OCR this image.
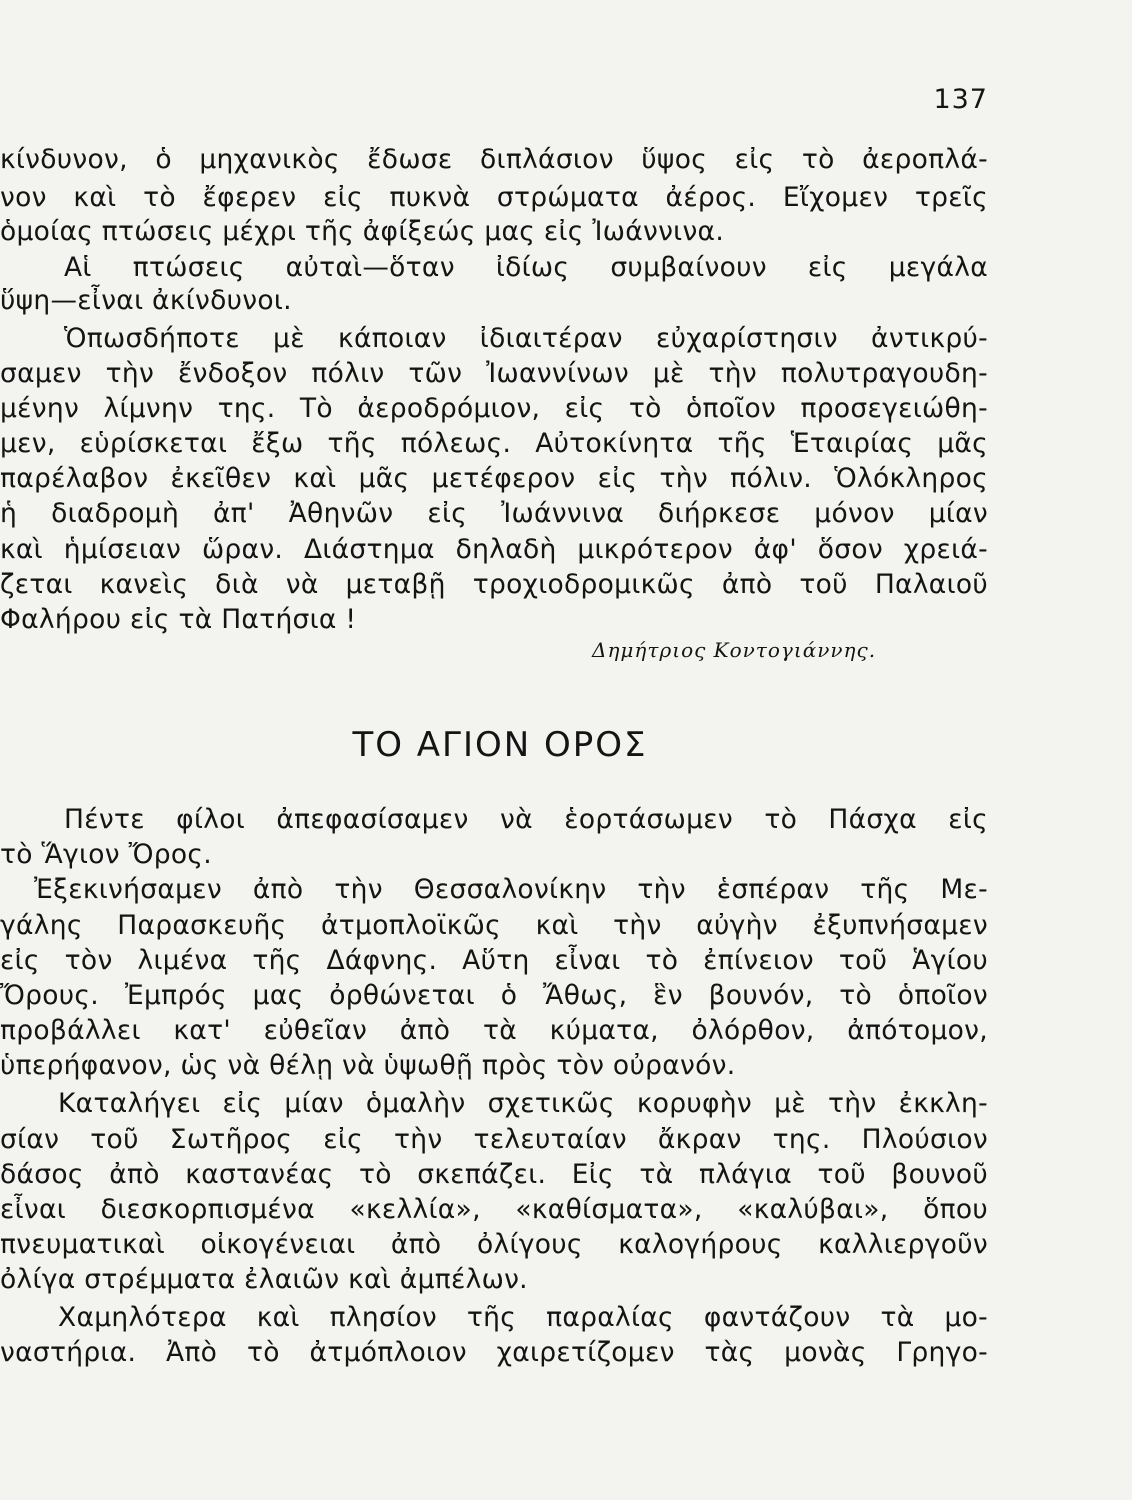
137
κίνδυνον, ὁ μηχανικὸς ἔδωσε διπλάσιον ὕψος εἰς τὸ ἀεροπλά-
νον καὶ τὸ ἔφερεν εἰς πυκνὰ στρώματα ἀέρος. Εἴχομεν τρεῖς
ὁμοίας πτώσεις μέχρι τῆς ἀφίξεώς μας εἰς Ἰωάννινα.
Αἱ πτώσεις αὐταὶ—ὅταν ἰδίως συμβαίνουν εἰς μεγάλα
ὕψη—εἶναι ἀκίνδυνοι.
Ὁπωσδήποτε μὲ κάποιαν ἰδιαιτέραν εὐχαρίστησιν ἀντικρύ-
σαμεν τὴν ἔνδοξον πόλιν τῶν Ἰωαννίνων μὲ τὴν πολυτραγουδη-
μένην λίμνην της. Τὸ ἀεροδρόμιον, εἰς τὸ ὁποῖον προσεγειώθη-
μεν, εὑρίσκεται ἔξω τῆς πόλεως. Αὐτοκίνητα τῆς Ἑταιρίας μᾶς
παρέλαβον ἐκεῖθεν καὶ μᾶς μετέφερον εἰς τὴν πόλιν. Ὁλόκληρος
ἡ διαδρομὴ ἀπ' Ἀθηνῶν εἰς Ἰωάννινα διήρκεσε μόνον μίαν
καὶ ἡμίσειαν ὥραν. Διάστημα δηλαδὴ μικρότερον ἀφ' ὅσον χρειά-
ζεται κανεὶς διὰ νὰ μεταβῇ τροχιοδρομικῶς ἀπὸ τοῦ Παλαιοῦ
Φαλήρου εἰς τὰ Πατήσια !
Δημήτριος Κοντογιάννης.
ΤΟ ΑΓΙΟΝ ΟΡΟΣ
Πέντε φίλοι ἀπεφασίσαμεν νὰ ἑορτάσωμεν τὸ Πάσχα εἰς
τὸ Ἅγιον Ὄρος.
Ἐξεκινήσαμεν ἀπὸ τὴν Θεσσαλονίκην τὴν ἑσπέραν τῆς Με-
γάλης Παρασκευῆς ἀτμοπλοϊκῶς καὶ τὴν αὐγὴν ἐξυπνήσαμεν
εἰς τὸν λιμένα τῆς Δάφνης. Αὕτη εἶναι τὸ ἐπίνειον τοῦ Ἁγίου
Ὄρους. Ἐμπρός μας ὀρθώνεται ὁ Ἄθως, ἓν βουνόν, τὸ ὁποῖον
προβάλλει κατ' εὐθεῖαν ἀπὸ τὰ κύματα, ὀλόρθον, ἀπότομον,
ὑπερήφανον, ὡς νὰ θέλῃ νὰ ὑψωθῇ πρὸς τὸν οὐρανόν.
Καταλήγει εἰς μίαν ὁμαλὴν σχετικῶς κορυφὴν μὲ τὴν ἐκκλη-
σίαν τοῦ Σωτῆρος εἰς τὴν τελευταίαν ἄκραν της. Πλούσιον
δάσος ἀπὸ καστανέας τὸ σκεπάζει. Εἰς τὰ πλάγια τοῦ βουνοῦ
εἶναι διεσκορπισμένα «κελλία», «καθίσματα», «καλύβαι», ὅπου
πνευματικαὶ οἰκογένειαι ἀπὸ ὀλίγους καλογήρους καλλιεργοῦν
ὀλίγα στρέμματα ἐλαιῶν καὶ ἀμπέλων.
Χαμηλότερα καὶ πλησίον τῆς παραλίας φαντάζουν τὰ μο-
ναστήρια. Ἀπὸ τὸ ἀτμόπλοιον χαιρετίζομεν τὰς μονὰς Γρηγο-
